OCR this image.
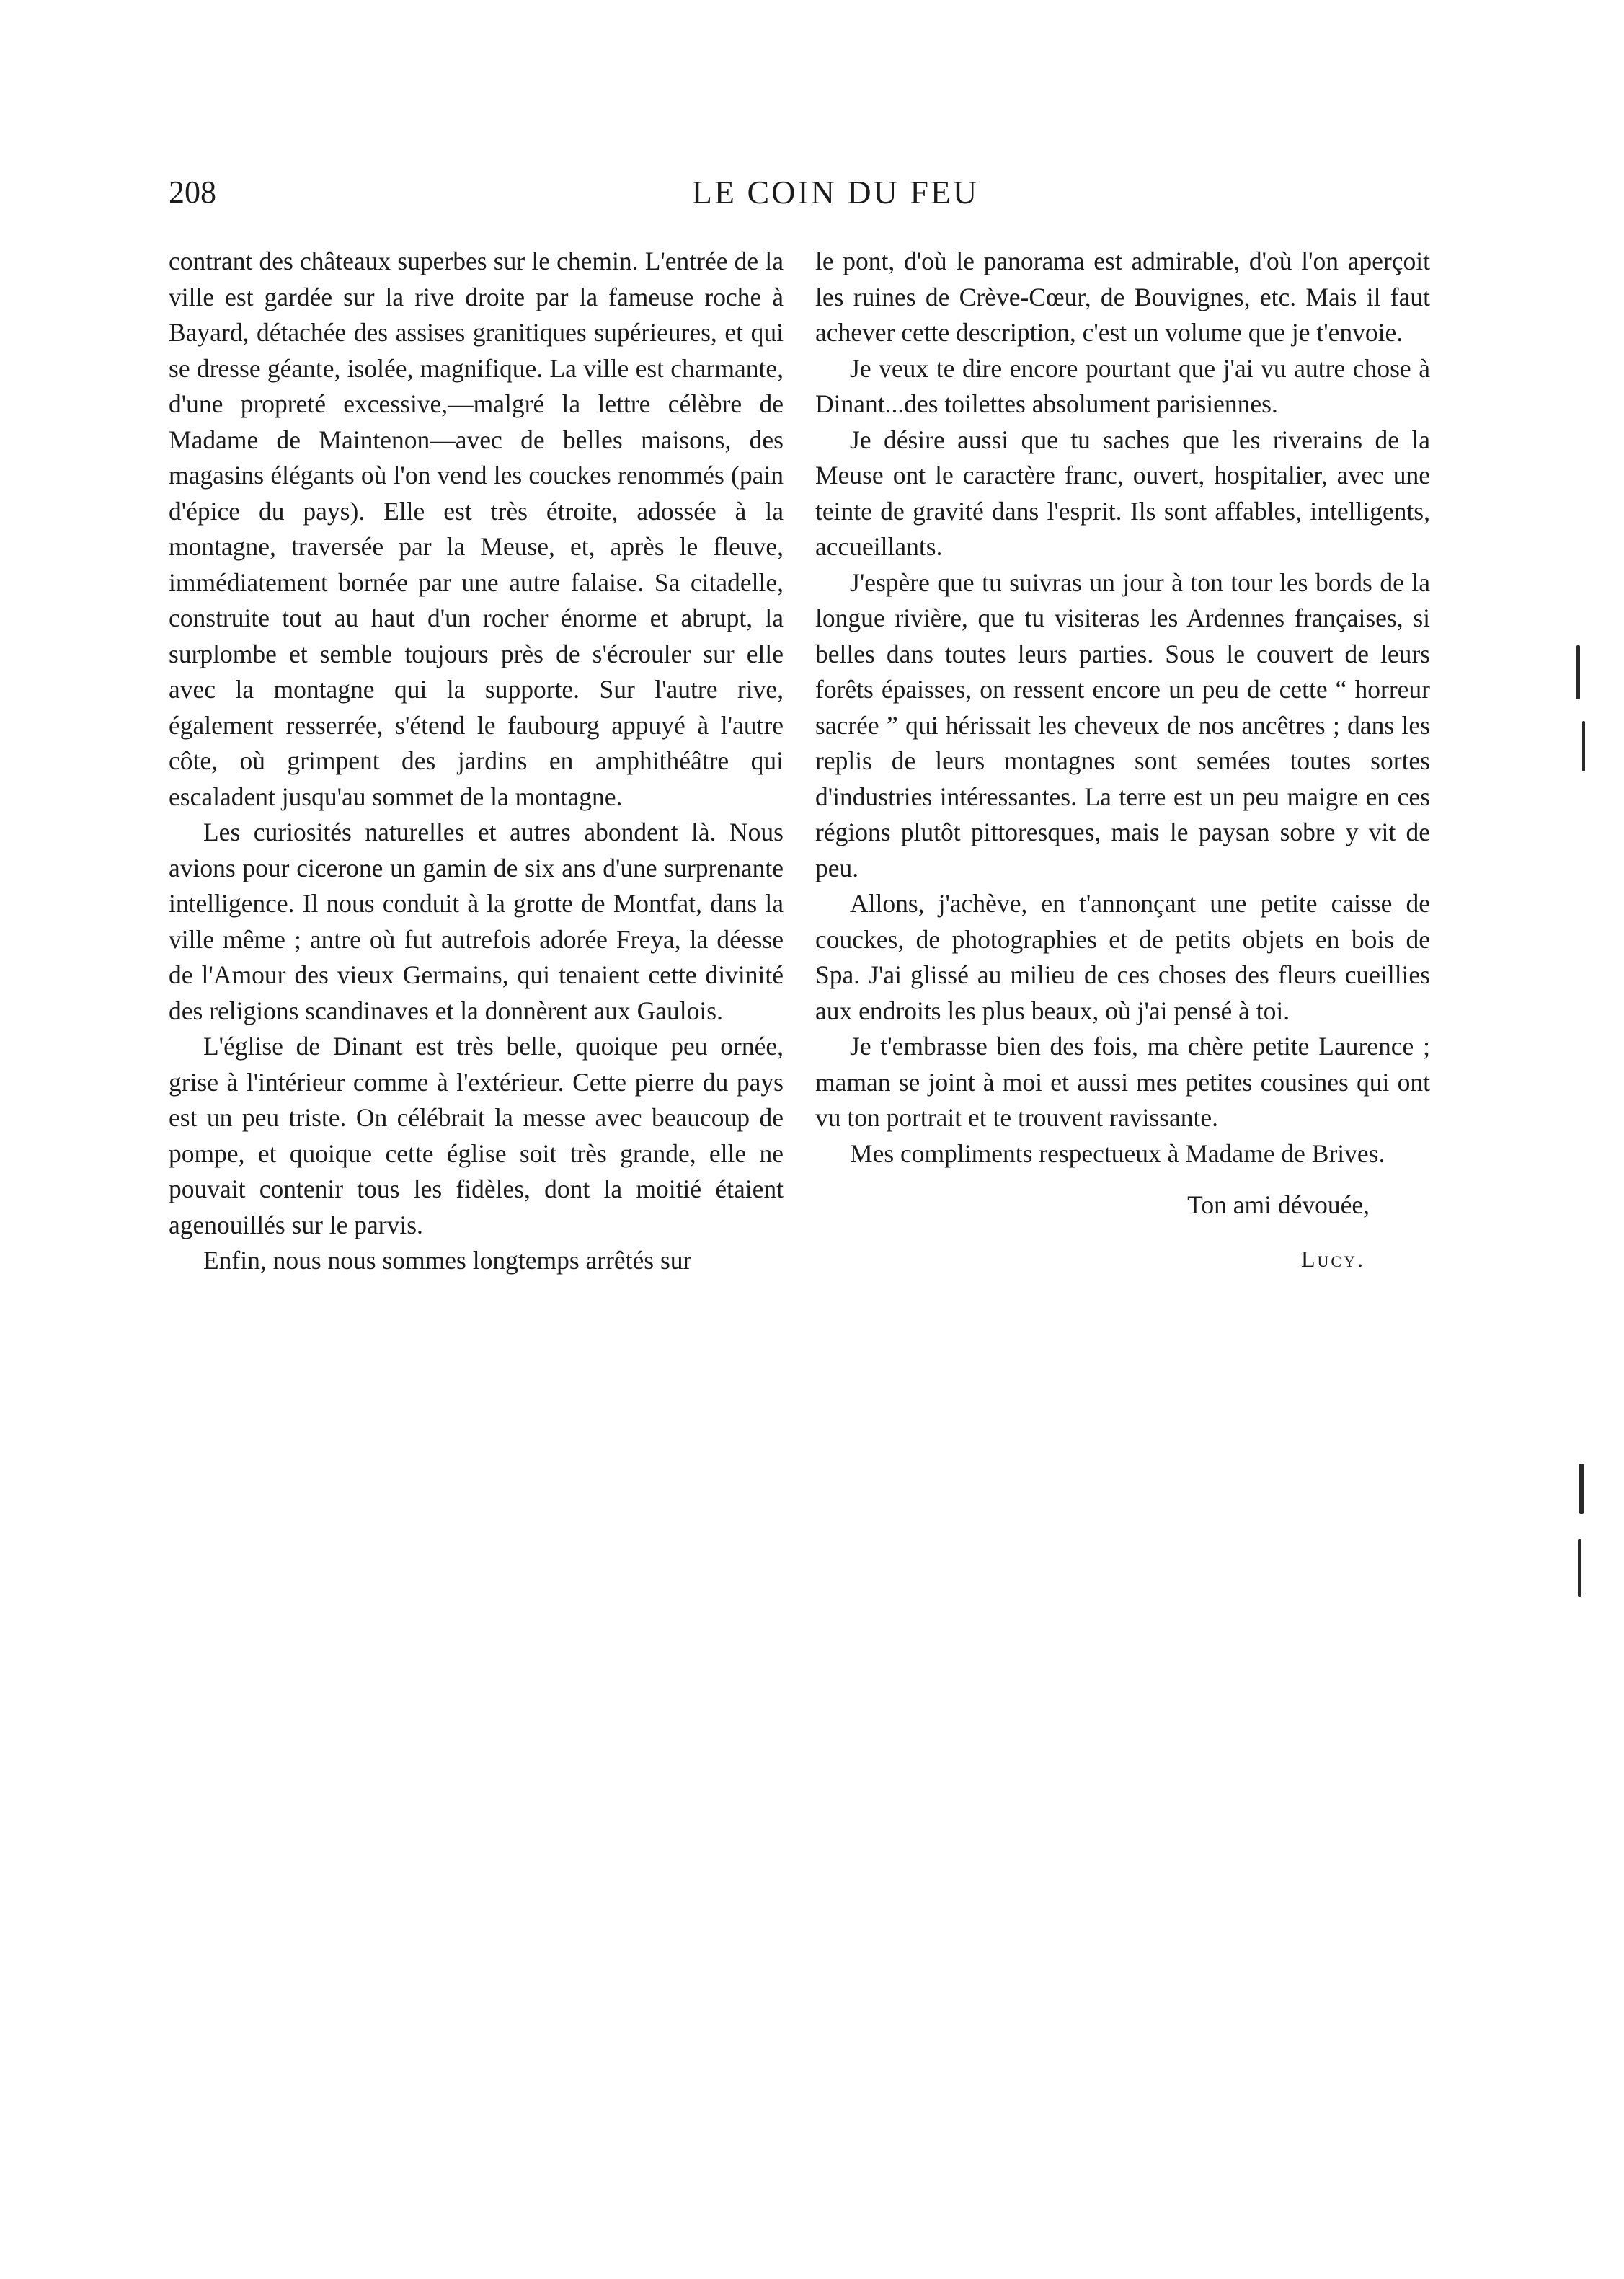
208	LE COIN DU FEU

contrant des châteaux superbes sur le chemin. L'entrée de la ville est gardée sur la rive droite par la fameuse roche à Bayard, détachée des assises granitiques supérieures, et qui se dresse géante, isolée, magnifique. La ville est charmante, d'une propreté excessive,—malgré la lettre célèbre de Madame de Maintenon—avec de belles maisons, des magasins élégants où l'on vend les couckes renommés (pain d'épice du pays). Elle est très étroite, adossée à la montagne, traversée par la Meuse, et, après le fleuve, immédiatement bornée par une autre falaise. Sa citadelle, construite tout au haut d'un rocher énorme et abrupt, la surplombe et semble toujours près de s'écrouler sur elle avec la montagne qui la supporte. Sur l'autre rive, également resserrée, s'étend le faubourg appuyé à l'autre côte, où grimpent des jardins en amphithéâtre qui escaladent jusqu'au sommet de la montagne.

Les curiosités naturelles et autres abondent là. Nous avions pour cicerone un gamin de six ans d'une surprenante intelligence. Il nous conduit à la grotte de Montfat, dans la ville même ; antre où fut autrefois adorée Freya, la déesse de l'Amour des vieux Germains, qui tenaient cette divinité des religions scandinaves et la donnèrent aux Gaulois.

L'église de Dinant est très belle, quoique peu ornée, grise à l'intérieur comme à l'extérieur. Cette pierre du pays est un peu triste. On célébrait la messe avec beaucoup de pompe, et quoique cette église soit très grande, elle ne pouvait contenir tous les fidèles, dont la moitié étaient agenouillés sur le parvis.

Enfin, nous nous sommes longtemps arrêtés sur

le pont, d'où le panorama est admirable, d'où l'on aperçoit les ruines de Crève-Cœur, de Bouvignes, etc. Mais il faut achever cette description, c'est un volume que je t'envoie.

Je veux te dire encore pourtant que j'ai vu autre chose à Dinant...des toilettes absolument parisiennes.

Je désire aussi que tu saches que les riverains de la Meuse ont le caractère franc, ouvert, hospitalier, avec une teinte de gravité dans l'esprit. Ils sont affables, intelligents, accueillants.

J'espère que tu suivras un jour à ton tour les bords de la longue rivière, que tu visiteras les Ardennes françaises, si belles dans toutes leurs parties. Sous le couvert de leurs forêts épaisses, on ressent encore un peu de cette “ horreur sacrée ” qui hérissait les cheveux de nos ancêtres ; dans les replis de leurs montagnes sont semées toutes sortes d'industries intéressantes. La terre est un peu maigre en ces régions plutôt pittoresques, mais le paysan sobre y vit de peu.

Allons, j'achève, en t'annonçant une petite caisse de couckes, de photographies et de petits objets en bois de Spa. J'ai glissé au milieu de ces choses des fleurs cueillies aux endroits les plus beaux, où j'ai pensé à toi.

Je t'embrasse bien des fois, ma chère petite Laurence ; maman se joint à moi et aussi mes petites cousines qui ont vu ton portrait et te trouvent ravissante.

Mes compliments respectueux à Madame de Brives.

Ton ami dévouée,
Lucy.
